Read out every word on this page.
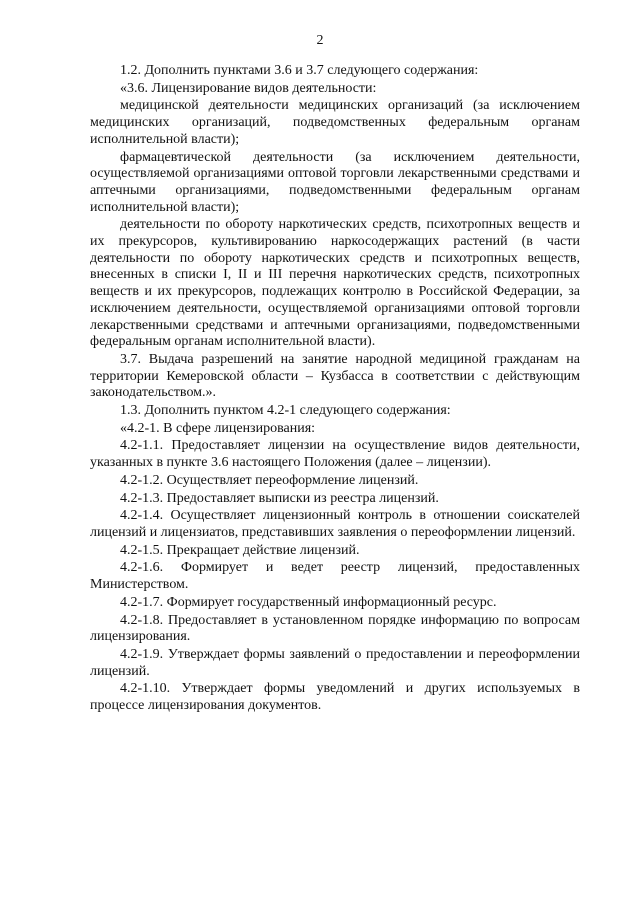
2

1.2. Дополнить пунктами 3.6 и 3.7 следующего содержания:

«3.6. Лицензирование видов деятельности:

медицинской деятельности медицинских организаций (за исключением медицинских организаций, подведомственных федеральным органам исполнительной власти);

фармацевтической деятельности (за исключением деятельности, осуществляемой организациями оптовой торговли лекарственными средствами и аптечными организациями, подведомственными федеральным органам исполнительной власти);

деятельности по обороту наркотических средств, психотропных веществ и их прекурсоров, культивированию наркосодержащих растений (в части деятельности по обороту наркотических средств и психотропных веществ, внесенных в списки I, II и III перечня наркотических средств, психотропных веществ и их прекурсоров, подлежащих контролю в Российской Федерации, за исключением деятельности, осуществляемой организациями оптовой торговли лекарственными средствами и аптечными организациями, подведомственными федеральным органам исполнительной власти).

3.7. Выдача разрешений на занятие народной медициной гражданам на территории Кемеровской области – Кузбасса в соответствии с действующим законодательством.».

1.3. Дополнить пунктом 4.2-1 следующего содержания:

«4.2-1. В сфере лицензирования:

4.2-1.1. Предоставляет лицензии на осуществление видов деятельности, указанных в пункте 3.6 настоящего Положения (далее – лицензии).

4.2-1.2. Осуществляет переоформление лицензий.

4.2-1.3. Предоставляет выписки из реестра лицензий.

4.2-1.4. Осуществляет лицензионный контроль в отношении соискателей лицензий и лицензиатов, представивших заявления о переоформлении лицензий.

4.2-1.5. Прекращает действие лицензий.

4.2-1.6. Формирует и ведет реестр лицензий, предоставленных Министерством.

4.2-1.7. Формирует государственный информационный ресурс.

4.2-1.8. Предоставляет в установленном порядке информацию по вопросам лицензирования.

4.2-1.9. Утверждает формы заявлений о предоставлении и переоформлении лицензий.

4.2-1.10. Утверждает формы уведомлений и других используемых в процессе лицензирования документов.
